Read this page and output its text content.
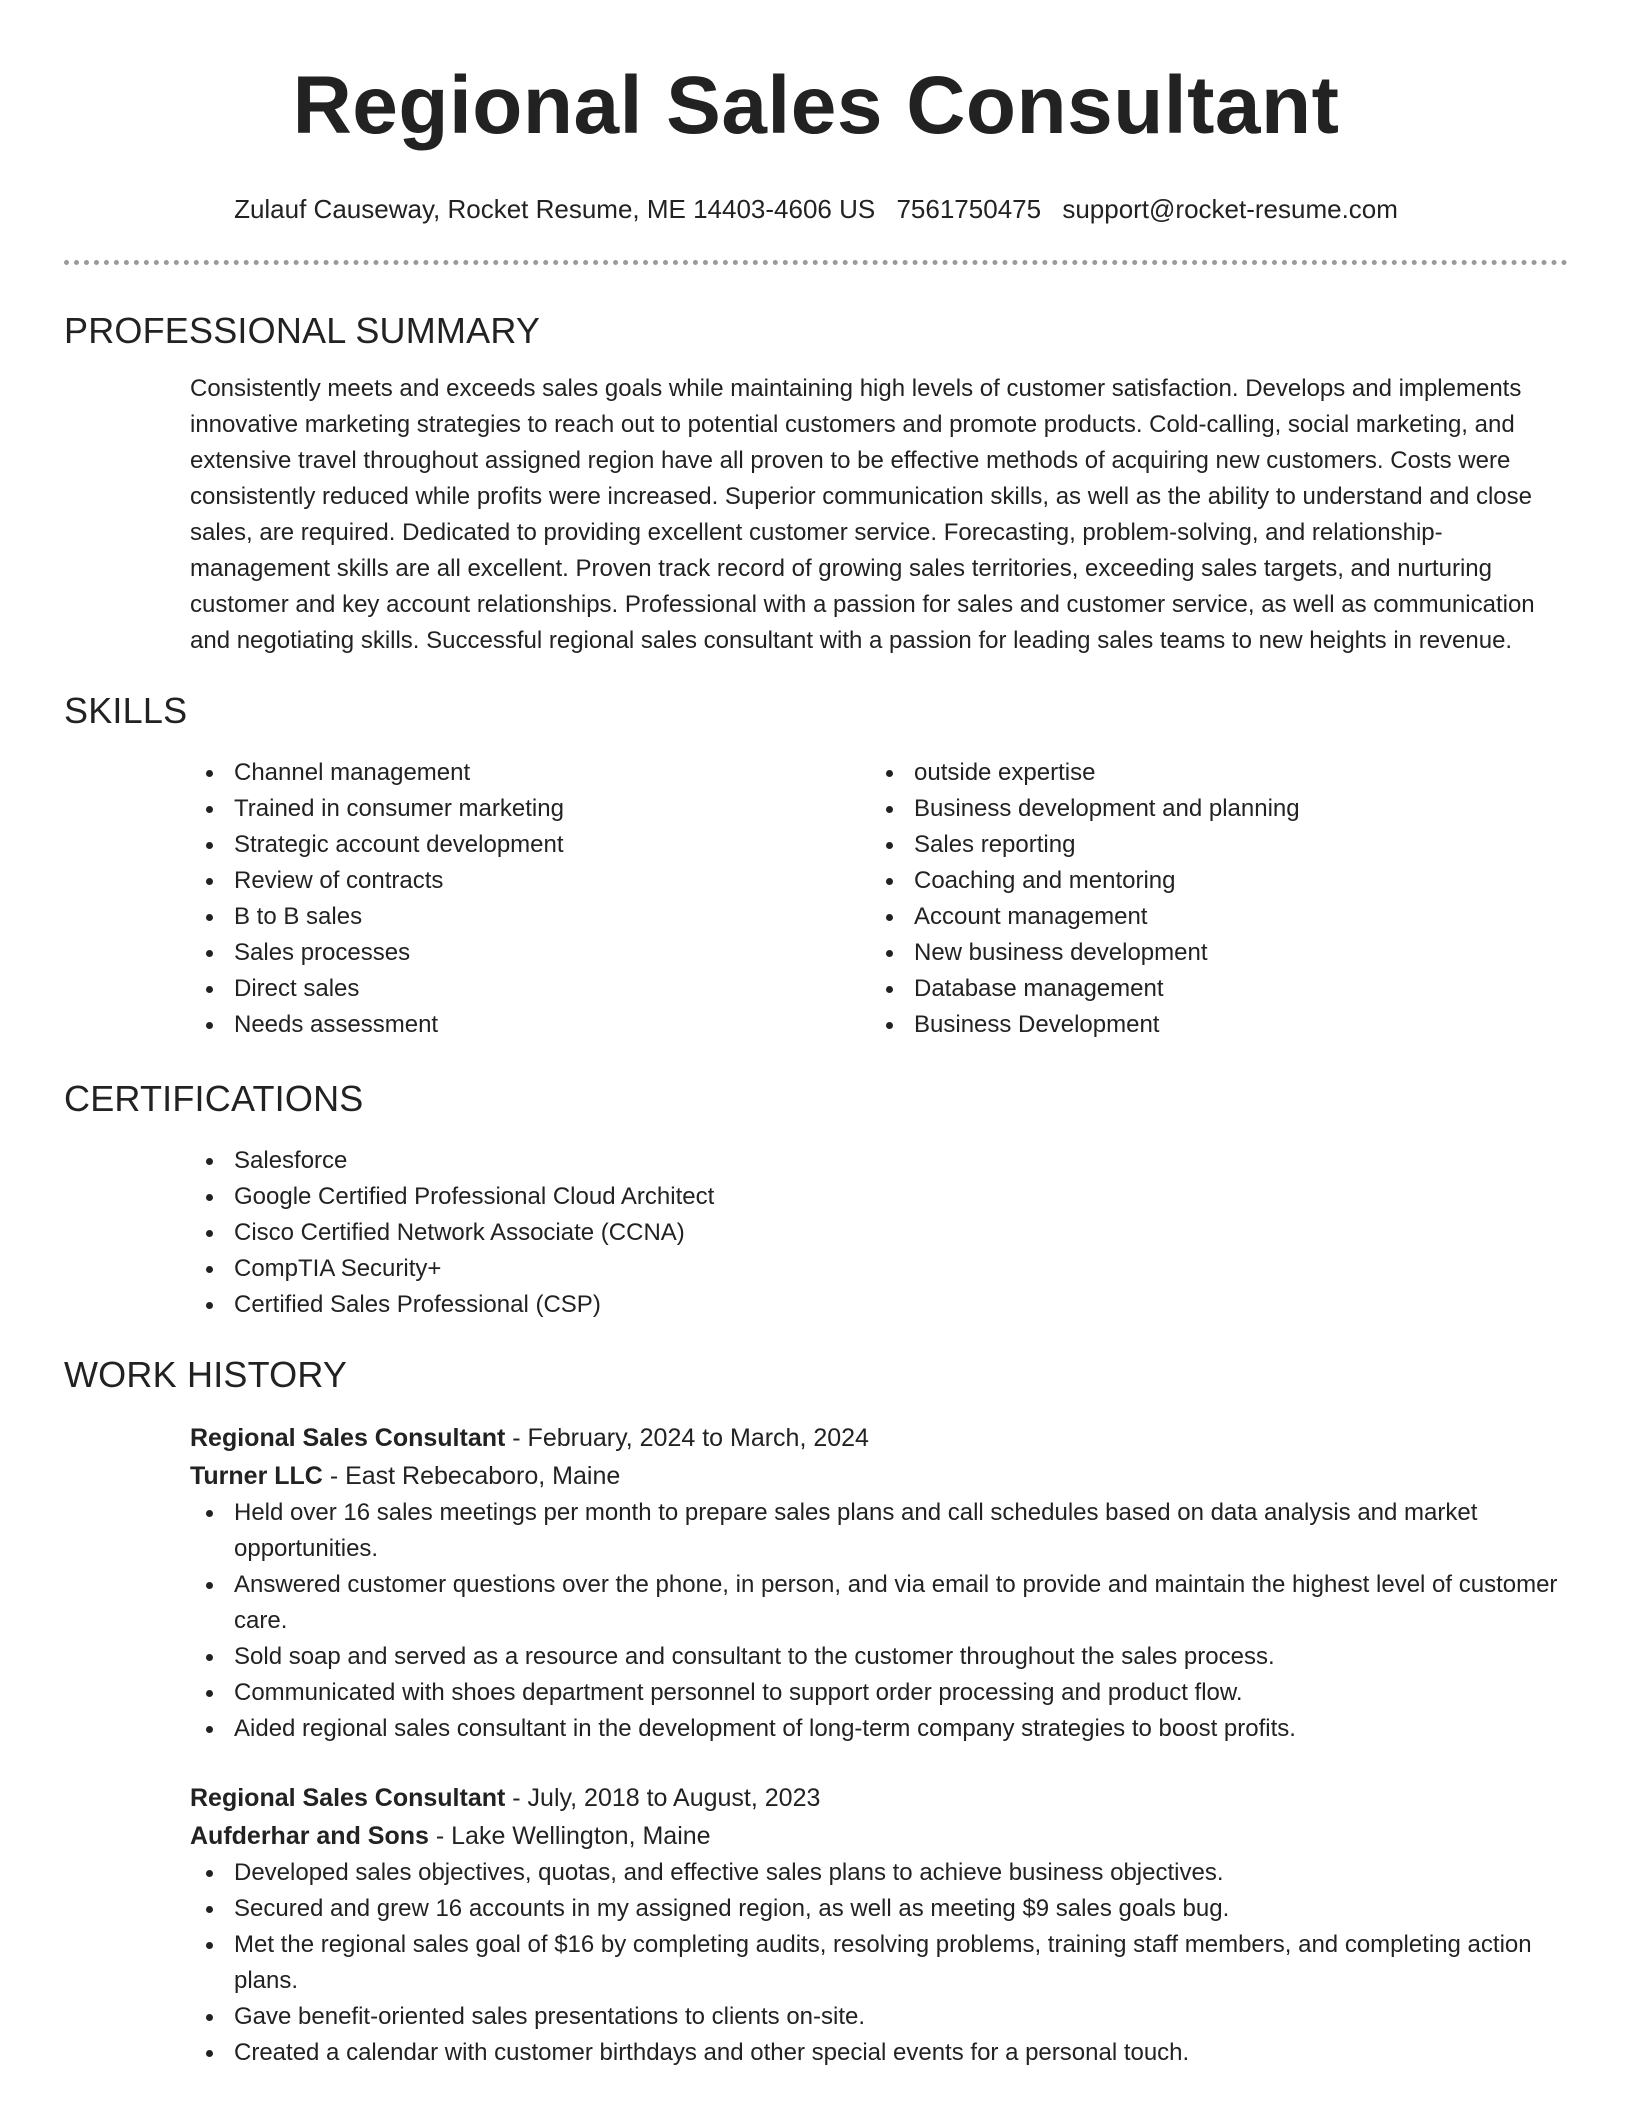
Regional Sales Consultant
Zulauf Causeway, Rocket Resume, ME 14403-4606 US 7561750475 support@rocket-resume.com
PROFESSIONAL SUMMARY
Consistently meets and exceeds sales goals while maintaining high levels of customer satisfaction. Develops and implements innovative marketing strategies to reach out to potential customers and promote products. Cold-calling, social marketing, and extensive travel throughout assigned region have all proven to be effective methods of acquiring new customers. Costs were consistently reduced while profits were increased. Superior communication skills, as well as the ability to understand and close sales, are required. Dedicated to providing excellent customer service. Forecasting, problem-solving, and relationship-management skills are all excellent. Proven track record of growing sales territories, exceeding sales targets, and nurturing customer and key account relationships. Professional with a passion for sales and customer service, as well as communication and negotiating skills. Successful regional sales consultant with a passion for leading sales teams to new heights in revenue.
SKILLS
Channel management
Trained in consumer marketing
Strategic account development
Review of contracts
B to B sales
Sales processes
Direct sales
Needs assessment
outside expertise
Business development and planning
Sales reporting
Coaching and mentoring
Account management
New business development
Database management
Business Development
CERTIFICATIONS
Salesforce
Google Certified Professional Cloud Architect
Cisco Certified Network Associate (CCNA)
CompTIA Security+
Certified Sales Professional (CSP)
WORK HISTORY
Regional Sales Consultant - February, 2024 to March, 2024
Turner LLC - East Rebecaboro, Maine
Held over 16 sales meetings per month to prepare sales plans and call schedules based on data analysis and market opportunities.
Answered customer questions over the phone, in person, and via email to provide and maintain the highest level of customer care.
Sold soap and served as a resource and consultant to the customer throughout the sales process.
Communicated with shoes department personnel to support order processing and product flow.
Aided regional sales consultant in the development of long-term company strategies to boost profits.
Regional Sales Consultant - July, 2018 to August, 2023
Aufderhar and Sons - Lake Wellington, Maine
Developed sales objectives, quotas, and effective sales plans to achieve business objectives.
Secured and grew 16 accounts in my assigned region, as well as meeting $9 sales goals bug.
Met the regional sales goal of $16 by completing audits, resolving problems, training staff members, and completing action plans.
Gave benefit-oriented sales presentations to clients on-site.
Created a calendar with customer birthdays and other special events for a personal touch.
